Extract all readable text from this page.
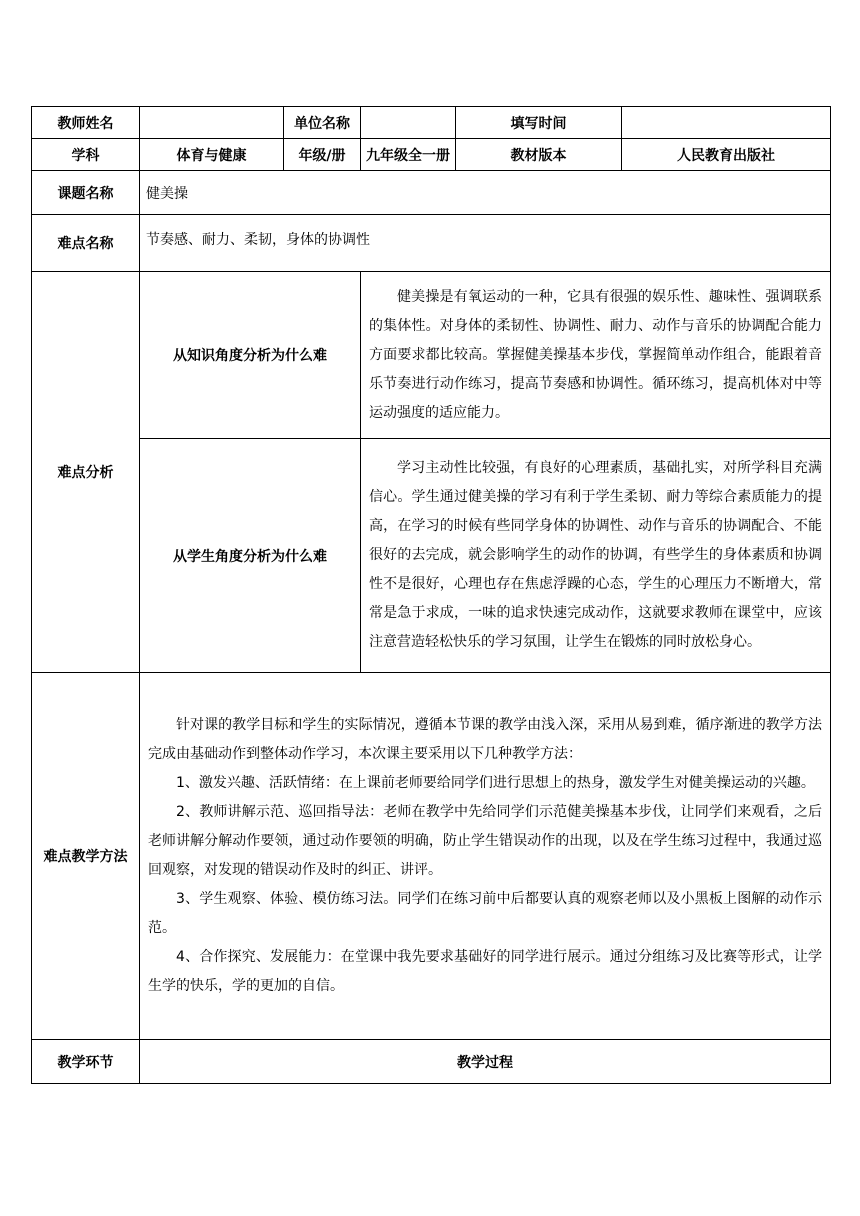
教师姓名		单位名称		填写时间	
学科	体育与健康	年级/册	九年级全一册	教材版本	人民教育出版社
课题名称	健美操				
难点名称	节奏感、耐力、柔韧，身体的协调性				
难点分析	从知识角度分析为什么难		健美操是有氧运动的一种，它具有很强的娱乐性、趣味性、强调联系的集体性。对身体的柔韧性、协调性、耐力、动作与音乐的协调配合能力方面要求都比较高。掌握健美操基本步伐，掌握简单动作组合，能跟着音乐节奏进行动作练习，提高节奏感和协调性。循环练习，提高机体对中等运动强度的适应能力。		

	从学生角度分析为什么难		学习主动性比较强，有良好的心理素质，基础扎实，对所学科目充满信心。学生通过健美操的学习有利于学生柔韧、耐力等综合素质能力的提高，在学习的时候有些同学身体的协调性、动作与音乐的协调配合、不能很好的去完成，就会影响学生的动作的协调，有些学生的身体素质和协调性不是很好，心理也存在焦虑浮躁的心态，学生的心理压力不断增大，常常是急于求成，一味的追求快速完成动作，这就要求教师在课堂中，应该注意营造轻松快乐的学习氛围，让学生在锻炼的同时放松身心。		

难点教学方法	针对课的教学目标和学生的实际情况，遵循本节课的教学由浅入深，采用从易到难，循序渐进的教学方法完成由基础动作到整体动作学习，本次课主要采用以下几种教学方法：

1、激发兴趣、活跃情绪：在上课前老师要给同学们进行思想上的热身，激发学生对健美操运动的兴趣。

2、教师讲解示范、巡回指导法：老师在教学中先给同学们示范健美操基本步伐，让同学们来观看，之后老师讲解分解动作要领，通过动作要领的明确，防止学生错误动作的出现，以及在学生练习过程中，我通过巡回观察，对发现的错误动作及时的纠正、讲评。

3、学生观察、体验、模仿练习法。同学们在练习前中后都要认真的观察老师以及小黑板上图解的动作示范。

4、合作探究、发展能力：在堂课中我先要求基础好的同学进行展示。通过分组练习及比赛等形式，让学生学的快乐，学的更加的自信。				

教学环节	教学过程				
